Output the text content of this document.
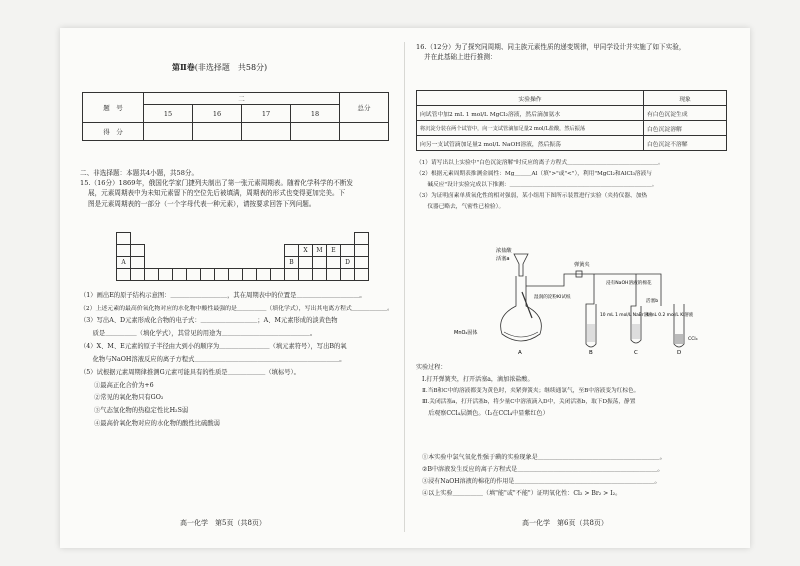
第Ⅱ卷(非选择题　共58分)
题　号	二				总分
	15	16	17	18	
得　分					
二、非选择题：本题共4小题，共58分。
15.（16分）1869年，俄国化学家门捷列夫制出了第一张元素周期表。随着化学科学的不断发
展，元素周期表中为未知元素留下的空位先后被填满，周期表的形式也变得更加完美。下
图是元素周期表的一部分（一个字母代表一种元素），请按要求回答下列问题。

													X	M	E		
A												B				D	

（1）画出E的原子结构示意图：＿＿＿＿＿＿＿＿＿，其在周期表中的位置是＿＿＿＿＿＿＿＿＿＿。
（2）上述元素的最高价氧化物对应的水化物中酸性最强的是＿＿＿＿＿（填化学式），写出其电离方程式＿＿＿＿＿＿。
（3）写出A、D元素形成化合物的电子式：＿＿＿＿＿＿＿＿＿；A、M元素形成的淡黄色物
　　质是＿＿＿＿＿（填化学式），其常见的用途为＿＿＿＿＿＿＿＿＿＿＿＿＿＿。
（4）X、M、E元素的原子半径由大到小的顺序为＿＿＿＿＿＿＿＿（填元素符号），写出B的氧
　　化物与NaOH溶液反应的离子方程式＿＿＿＿＿＿＿＿＿＿＿＿＿＿＿＿＿＿＿＿＿＿＿。
（5）试根据元素周期律推测G元素可能具有的性质是＿＿＿＿＿＿（填标号）。
①最高正化合价为+6
②常见的氧化物只有GO₂
③气态氢化物的热稳定性比H₂S弱
④最高价氧化物对应的水化物的酸性比硫酸弱
高一化学　第5页（共8页）
16.（12分）为了探究同周期、同主族元素性质的递变规律，甲同学设计并实施了如下实验，
并在此基础上进行推测：
实验操作	现象
向试管中加2 mL 1 mol/L MgCl₂溶液，然后滴加氨水	有白色沉淀生成
将沉淀分装在两个试管中，向一支试管滴加足量2 mol/L盐酸，然后振荡	白色沉淀溶解
向另一支试管滴加足量2 mol/L NaOH溶液，然后振荡	白色沉淀不溶解
（1）请写出以上实验中"白色沉淀溶解"时反应的离子方程式＿＿＿＿＿＿＿＿＿＿＿＿＿＿＿＿。
（2）根据元素周期表推测金属性：Mg＿＿＿Al（填">"或"<"），利用"MgCl₂和AlCl₃溶液与
　　碱反应"设计实验完成以下推测：＿＿＿＿＿＿＿＿＿＿＿＿＿＿＿＿＿＿＿＿＿＿＿＿＿。
（3）为证明卤素单质氧化性的相对强弱，某小组用下图所示装置进行实验（夹持仪器、加热
　　仪器已略去，气密性已检验）。
浓盐酸
活塞a
弹簧夹
浸有NaOH溶液的棉花
湿润的淀粉KI试纸
10 mL 1 mol/L NaBr溶液
活塞b
4 mL 0.2 mol/L KI溶液
CCl₄
MnO₂固体
A	B	C	D
实验过程：
Ⅰ.打开弹簧夹，打开活塞a，滴加浓盐酸。
Ⅱ.当B和C中的溶液都变为黄色时，夹紧弹簧夹；继续通氯气，至B中溶液变为红棕色。
Ⅲ.关闭活塞a，打开活塞b，将少量C中溶液滴入D中，关闭活塞b，取下D振荡，静置
　后观察CCl₄层颜色。（I₂在CCl₄中显紫红色）
①本实验中氯气氧化性强于碘的实验现象是＿＿＿＿＿＿＿＿＿＿＿＿＿＿＿＿＿＿＿＿。
②B中溶液发生反应的离子方程式是＿＿＿＿＿＿＿＿＿＿＿＿＿＿＿＿＿＿＿＿＿＿＿。
③浸有NaOH溶液的棉花的作用是＿＿＿＿＿＿＿＿＿＿＿＿＿＿＿＿＿＿＿＿＿＿＿。
④以上实验＿＿＿＿＿（填"能"或"不能"）证明氧化性：Cl₂ > Br₂ > I₂。
高一化学　第6页（共8页）
